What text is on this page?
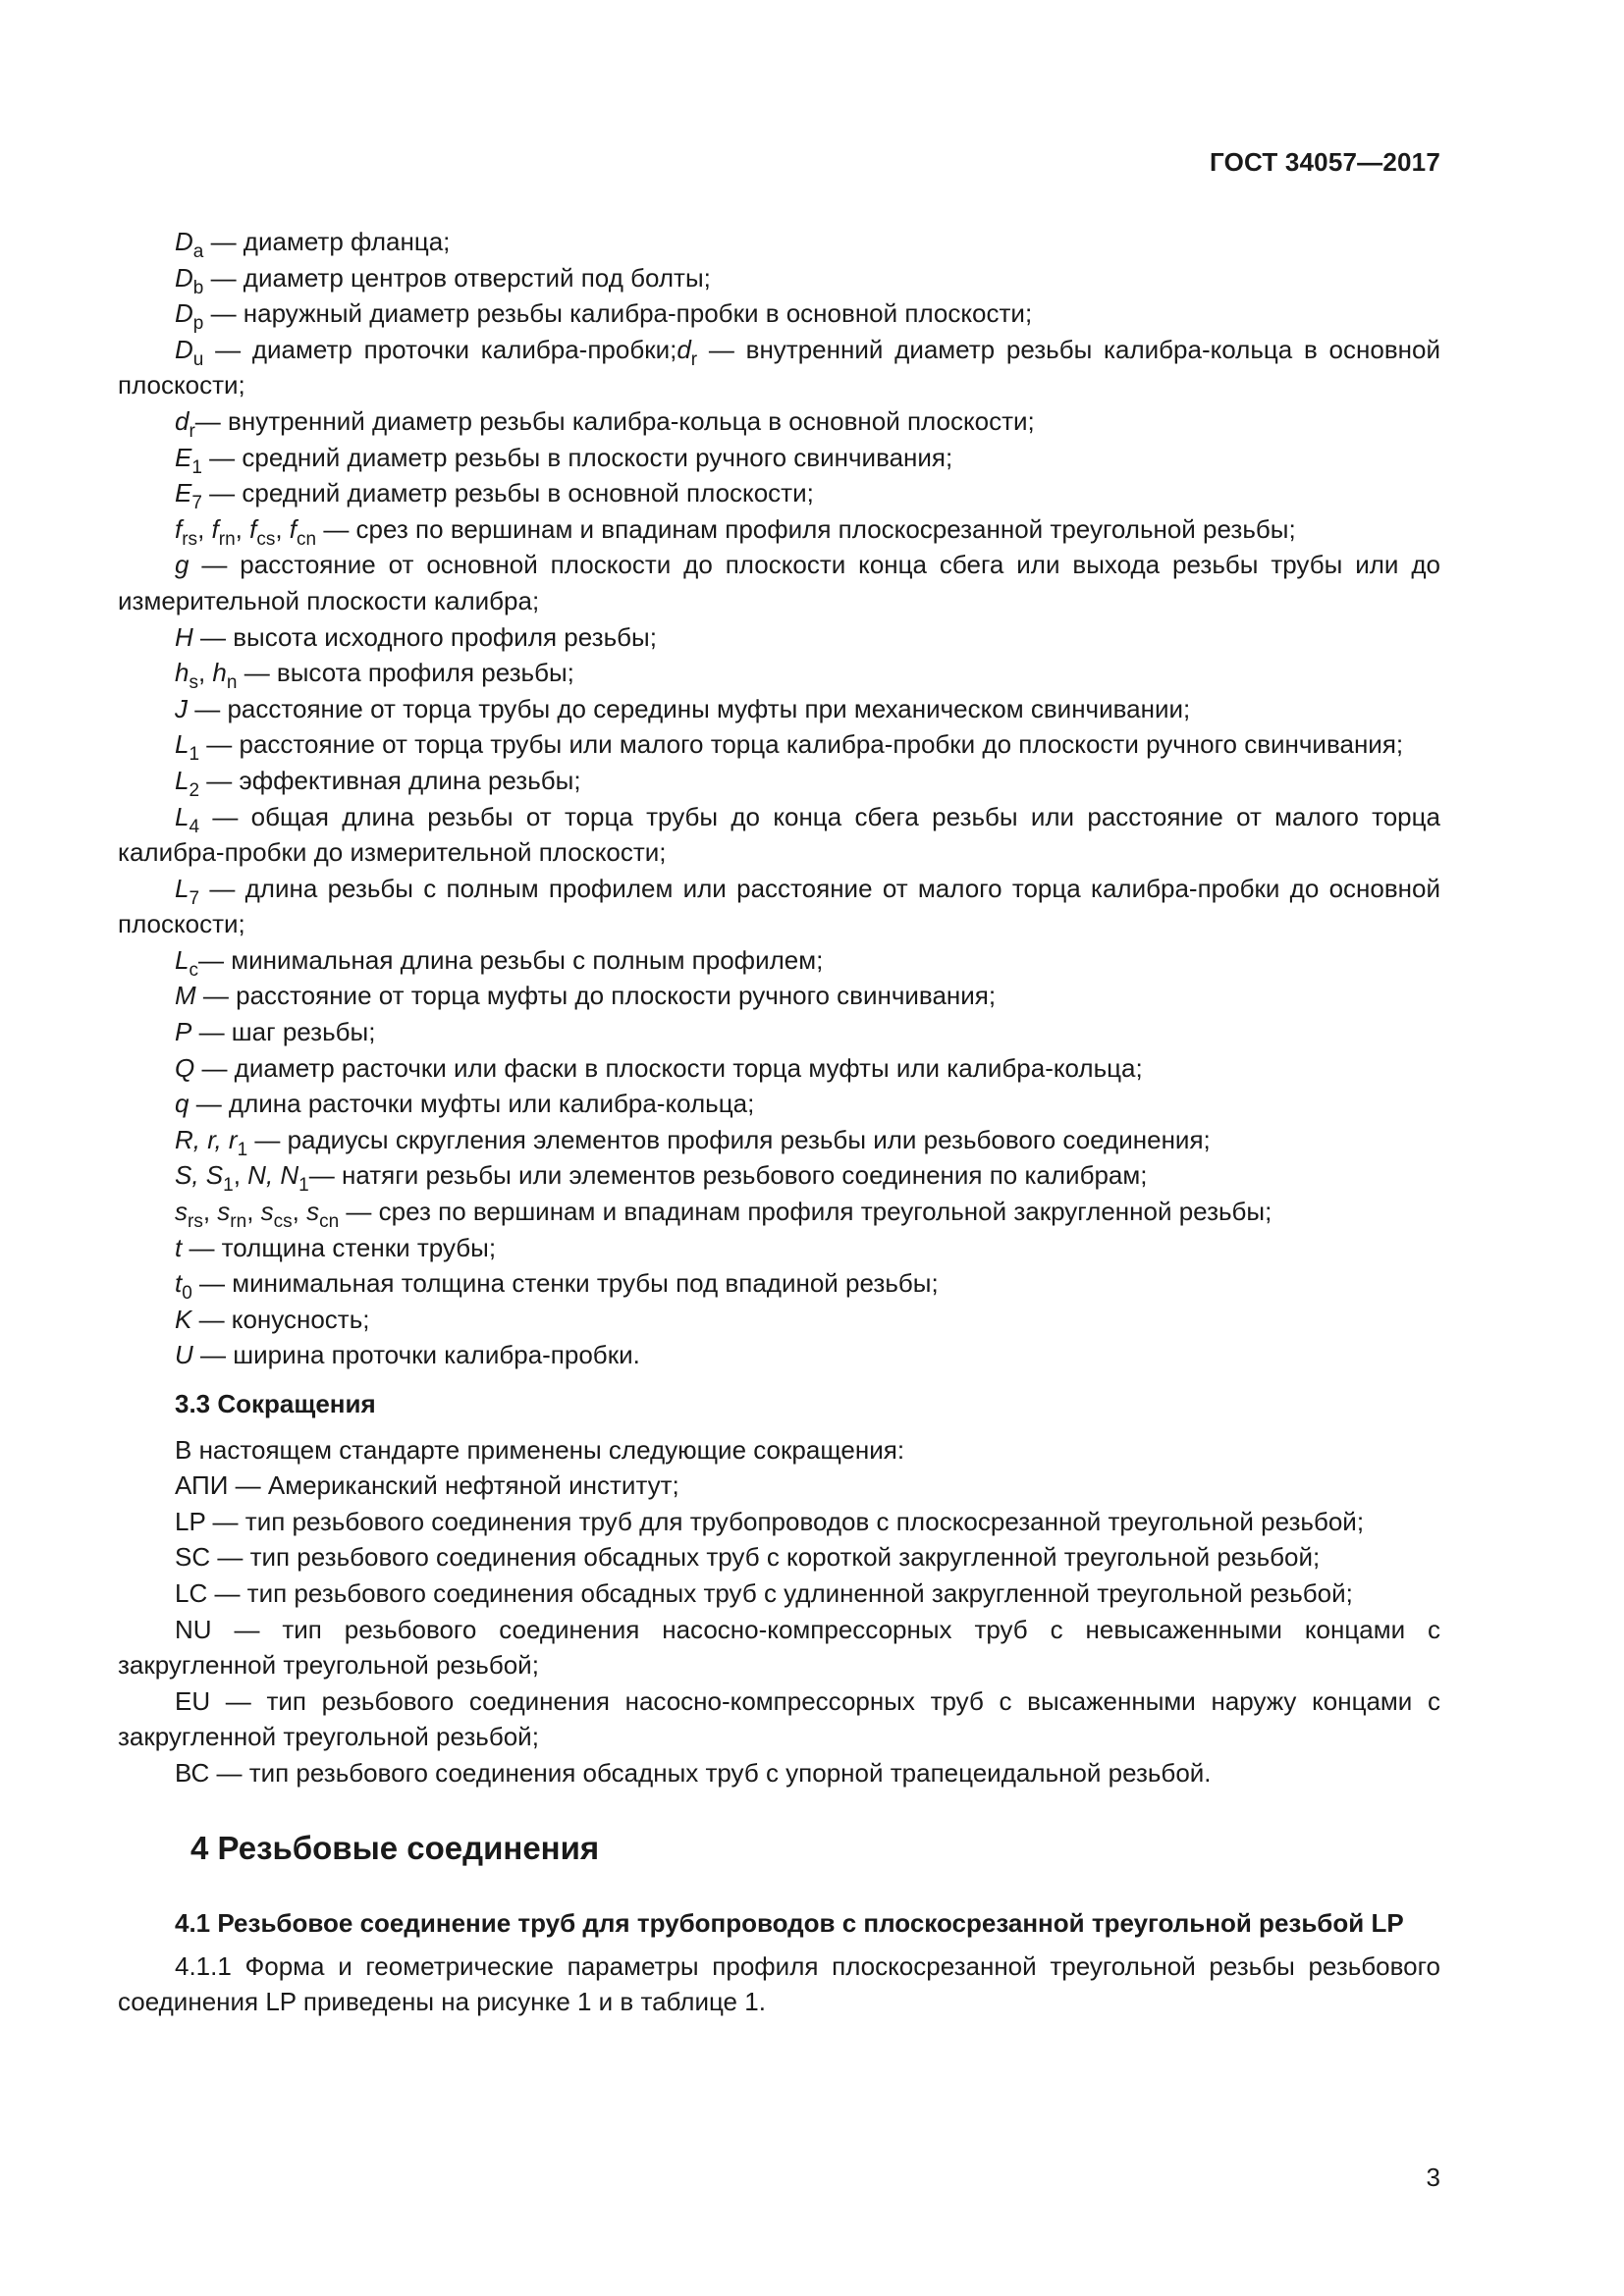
ГОСТ 34057—2017

$D_a$ — диаметр фланца;

$D_b$ — диаметр центров отверстий под болты;

$D_p$ — наружный диаметр резьбы калибра-пробки в основной плоскости;

$D_u$ — диаметр проточки калибра-$пробки;d_r$ — внутренний диаметр резьбы калибра-кольца в основной плоскости;

$d_r—$ внутренний диаметр резьбы калибра-кольца в основной плоскости;

$E_1$ — средний диаметр резьбы в плоскости ручного свинчивания;

$E_7$ — средний диаметр резьбы в основной плоскости;

$f_{rs}$, $f_{rn}$, $f_{cs}$, $f_{cn}$ — срез по вершинам и впадинам профиля плоскосрезанной треугольной резьбы;

g — расстояние от основной плоскости до плоскости конца сбега или выхода резьбы трубы или до измерительной плоскости калибра;

H — высота исходного профиля резьбы;

$h_s$, $h_n$ — высота профиля резьбы;

J — расстояние от торца трубы до середины муфты при механическом свинчивании;

$L_1$ — расстояние от торца трубы или малого торца калибра-пробки до плоскости ручного свинчивания;

$L_2$ — эффективная длина резьбы;

$L_4$ — общая длина резьбы от торца трубы до конца сбега резьбы или расстояние от малого торца калибра-пробки до измерительной плоскости;

$L_7$ — длина резьбы с полным профилем или расстояние от малого торца калибра-пробки до основной плоскости;

$L_c—$ минимальная длина резьбы с полным профилем;

M — расстояние от торца муфты до плоскости ручного свинчивания;

P — шаг резьбы;

Q — диаметр расточки или фаски в плоскости торца муфты или калибра-кольца;

q — длина расточки муфты или калибра-кольца;

R, r, $r_1$ — радиусы скругления элементов профиля резьбы или резьбового соединения;

S, $S_1$, N, $N_1—$ натяги резьбы или элементов резьбового соединения по калибрам;

$s_{rs}$, $s_{rn}$, $s_{cs}$, $s_{cn}$ — срез по вершинам и впадинам профиля треугольной закругленной резьбы;

t — толщина стенки трубы;

$t_0$ — минимальная толщина стенки трубы под впадиной резьбы;

K — конусность;

U — ширина проточки калибра-пробки.

3.3 Сокращения

В настоящем стандарте применены следующие сокращения:

АПИ — Американский нефтяной институт;

LP — тип резьбового соединения труб для трубопроводов с плоскосрезанной треугольной резьбой;

SC — тип резьбового соединения обсадных труб с короткой закругленной треугольной резьбой;

LC — тип резьбового соединения обсадных труб с удлиненной закругленной треугольной резьбой;

NU — тип резьбового соединения насосно-компрессорных труб с невысаженными концами с закругленной треугольной резьбой;

EU — тип резьбового соединения насосно-компрессорных труб с высаженными наружу концами с закругленной треугольной резьбой;

ВС — тип резьбового соединения обсадных труб с упорной трапецеидальной резьбой.

4 Резьбовые соединения
4.1 Резьбовое соединение труб для трубопроводов с плоскосрезанной треугольной резьбой LP

4.1.1 Форма и геометрические параметры профиля плоскосрезанной треугольной резьбы резьбового соединения LP приведены на рисунке 1 и в таблице 1.

3
